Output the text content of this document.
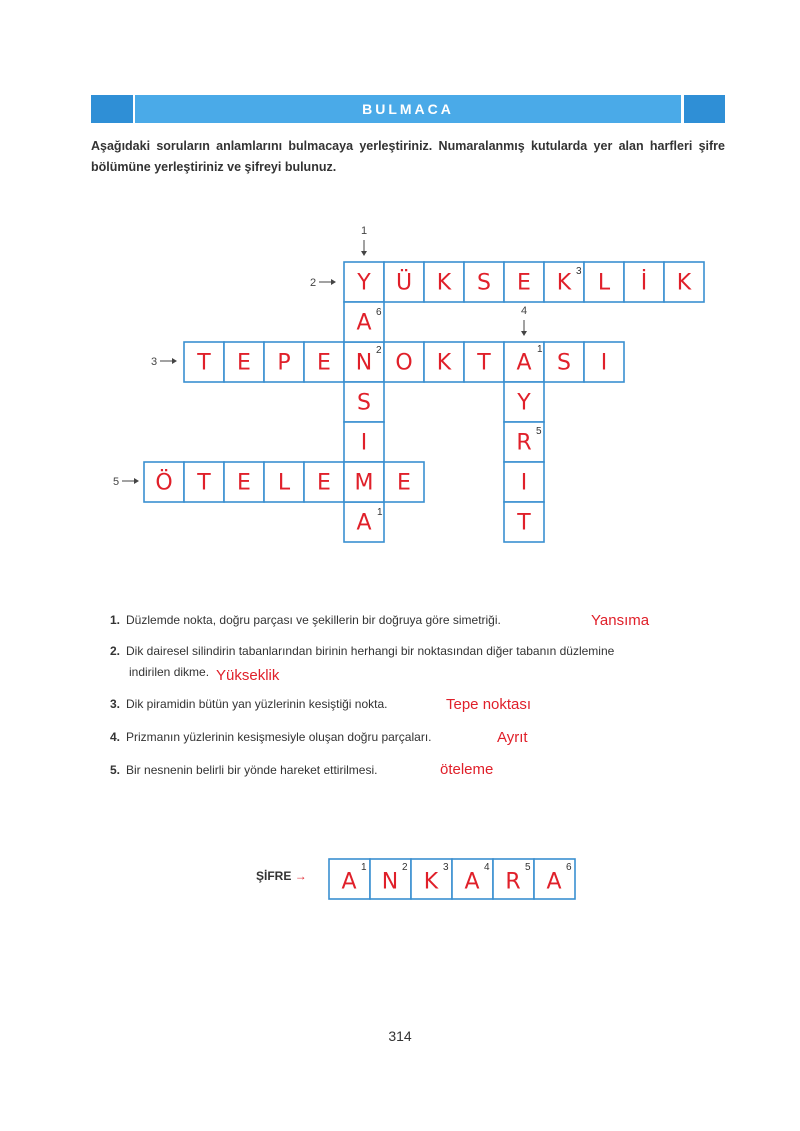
BULMACA
Aşağıdaki soruların anlamlarını bulmacaya yerleştiriniz. Numaralanmış kutularda yer alan harfleri şifre bölümüne yerleştiriniz ve şifreyi bulunuz.
1
2
3
4
5
Y Ü K S E K L İ K
T E P E N O K T A S I
A
S
I
A
Y
R
I
T
Ö T E L E M E
3
6
2	1
5
1
1. Düzlemde nokta, doğru parçası ve şekillerin bir doğruya göre simetriği.	Yansıma
2. Dik dairesel silindirin tabanlarından birinin herhangi bir noktasından diğer tabanın düzlemine
indirilen dikme. Yükseklik
3. Dik piramidin bütün yan yüzlerinin kesiştiği nokta.	Tepe noktası
4. Prizmanın yüzlerinin kesişmesiyle oluşan doğru parçaları.	Ayrıt
5. Bir nesnenin belirli bir yönde hareket ettirilmesi.	öteleme
ŞİFRE → A
1
N
2
K
3
A
4
R
5
A
6
314
